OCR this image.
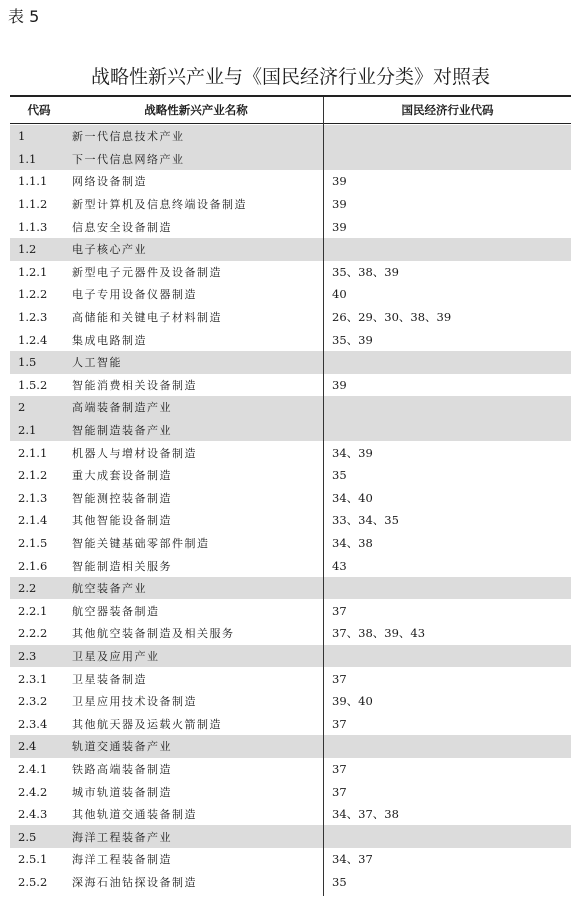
表 5
战略性新兴产业与《国民经济行业分类》对照表
代码	战略性新兴产业名称	国民经济行业代码
1	新一代信息技术产业
1.1	下一代信息网络产业
1.1.1	网络设备制造	39
1.1.2	新型计算机及信息终端设备制造	39
1.1.3	信息安全设备制造	39
1.2	电子核心产业
1.2.1	新型电子元器件及设备制造	35、38、39
1.2.2	电子专用设备仪器制造	40
1.2.3	高储能和关键电子材料制造	26、29、30、38、39
1.2.4	集成电路制造	35、39
1.5	人工智能
1.5.2	智能消费相关设备制造	39
2	高端装备制造产业
2.1	智能制造装备产业
2.1.1	机器人与增材设备制造	34、39
2.1.2	重大成套设备制造	35
2.1.3	智能测控装备制造	34、40
2.1.4	其他智能设备制造	33、34、35
2.1.5	智能关键基础零部件制造	34、38
2.1.6	智能制造相关服务	43
2.2	航空装备产业
2.2.1	航空器装备制造	37
2.2.2	其他航空装备制造及相关服务	37、38、39、43
2.3	卫星及应用产业
2.3.1	卫星装备制造	37
2.3.2	卫星应用技术设备制造	39、40
2.3.4	其他航天器及运载火箭制造	37
2.4	轨道交通装备产业
2.4.1	铁路高端装备制造	37
2.4.2	城市轨道装备制造	37
2.4.3	其他轨道交通装备制造	34、37、38
2.5	海洋工程装备产业
2.5.1	海洋工程装备制造	34、37
2.5.2	深海石油钻探设备制造	35
